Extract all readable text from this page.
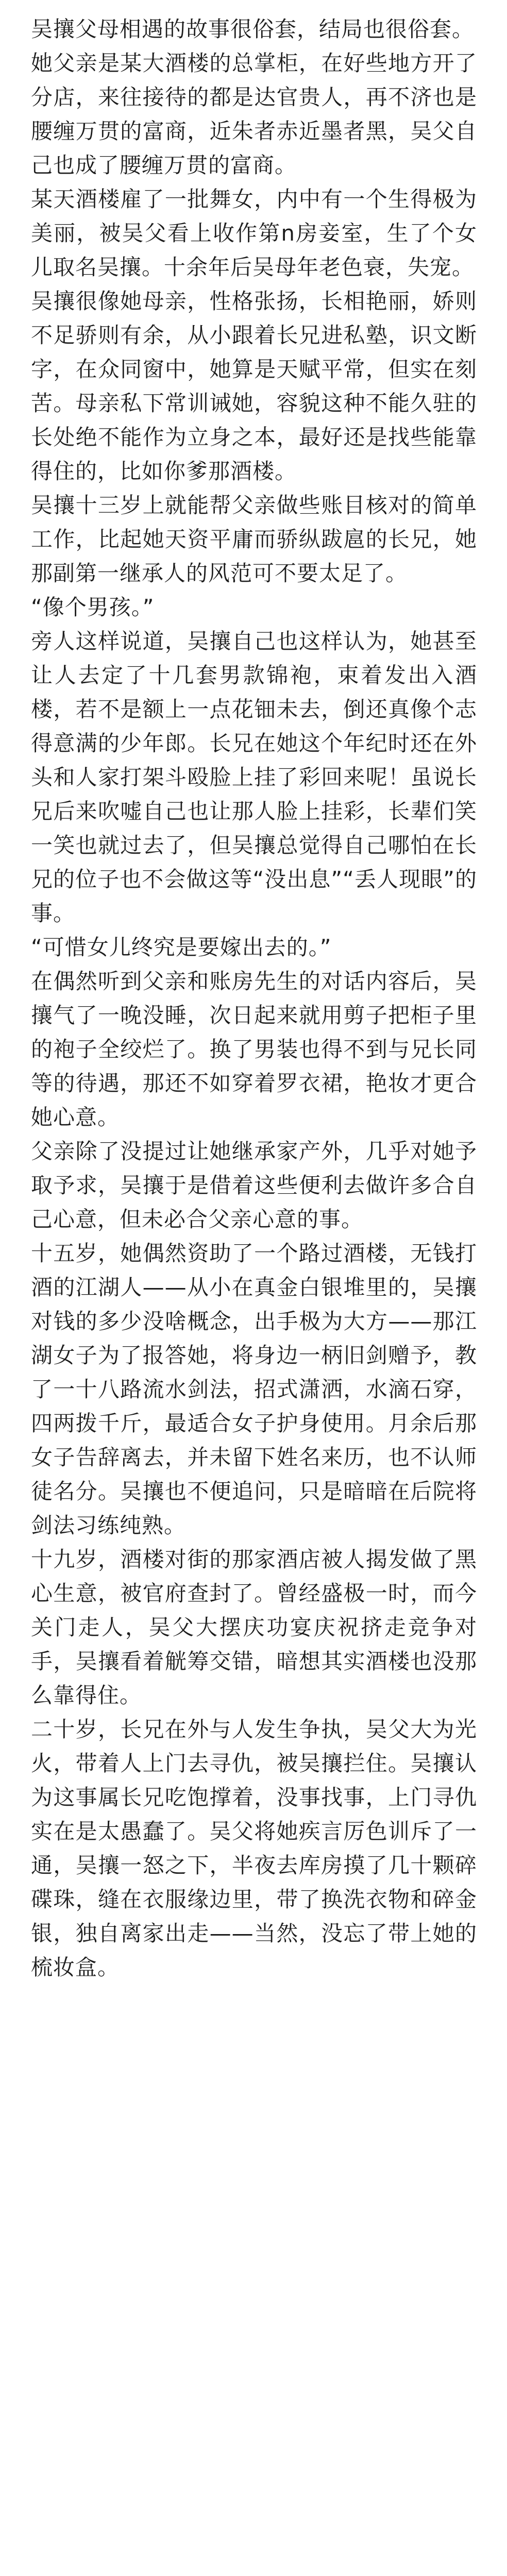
吴攘父母相遇的故事很俗套，结局也很俗套。

她父亲是某大酒楼的总掌柜，在好些地方开了分店，来往接待的都是达官贵人，再不济也是腰缠万贯的富商，近朱者赤近墨者黑，吴父自己也成了腰缠万贯的富商。

某天酒楼雇了一批舞女，内中有一个生得极为美丽，被吴父看上收作第n房妾室，生了个女儿取名吴攘。十余年后吴母年老色衰，失宠。

吴攘很像她母亲，性格张扬，长相艳丽，娇则不足骄则有余，从小跟着长兄进私塾，识文断字，在众同窗中，她算是天赋平常，但实在刻苦。母亲私下常训诫她，容貌这种不能久驻的长处绝不能作为立身之本，最好还是找些能靠得住的，比如你爹那酒楼。

吴攘十三岁上就能帮父亲做些账目核对的简单工作，比起她天资平庸而骄纵跋扈的长兄，她那副第一继承人的风范可不要太足了。

“像个男孩。”

旁人这样说道，吴攘自己也这样认为，她甚至让人去定了十几套男款锦袍，束着发出入酒楼，若不是额上一点花钿未去，倒还真像个志得意满的少年郎。长兄在她这个年纪时还在外头和人家打架斗殴脸上挂了彩回来呢！虽说长兄后来吹嘘自己也让那人脸上挂彩，长辈们笑一笑也就过去了，但吴攘总觉得自己哪怕在长兄的位子也不会做这等“没出息”“丢人现眼”的事。

“可惜女儿终究是要嫁出去的。”

在偶然听到父亲和账房先生的对话内容后，吴攘气了一晚没睡，次日起来就用剪子把柜子里的袍子全绞烂了。换了男装也得不到与兄长同等的待遇，那还不如穿着罗衣裙，艳妆才更合她心意。

父亲除了没提过让她继承家产外，几乎对她予取予求，吴攘于是借着这些便利去做许多合自己心意，但未必合父亲心意的事。

十五岁，她偶然资助了一个路过酒楼，无钱打酒的江湖人——从小在真金白银堆里的，吴攘对钱的多少没啥概念，出手极为大方——那江湖女子为了报答她，将身边一柄旧剑赠予，教了一十八路流水剑法，招式潇洒，水滴石穿，四两拨千斤，最适合女子护身使用。月余后那女子告辞离去，并未留下姓名来历，也不认师徒名分。吴攘也不便追问，只是暗暗在后院将剑法习练纯熟。

十九岁，酒楼对街的那家酒店被人揭发做了黑心生意，被官府查封了。曾经盛极一时，而今关门走人，吴父大摆庆功宴庆祝挤走竞争对手，吴攘看着觥筹交错，暗想其实酒楼也没那么靠得住。

二十岁，长兄在外与人发生争执，吴父大为光火，带着人上门去寻仇，被吴攘拦住。吴攘认为这事属长兄吃饱撑着，没事找事，上门寻仇实在是太愚蠢了。吴父将她疾言厉色训斥了一通，吴攘一怒之下，半夜去库房摸了几十颗碎碟珠，缝在衣服缘边里，带了换洗衣物和碎金银，独自离家出走——当然，没忘了带上她的梳妆盒。
